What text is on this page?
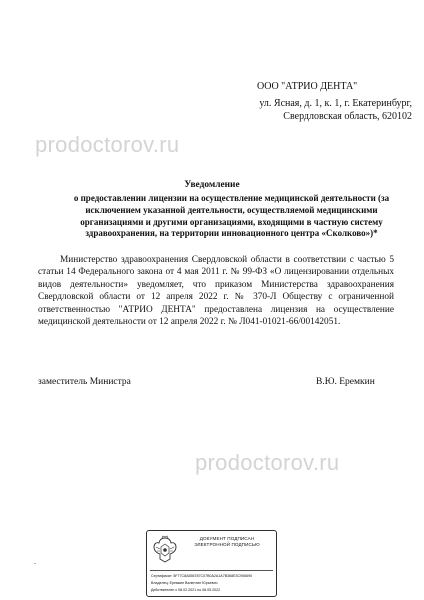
prodoctorov.ru
prodoctorov.ru
ООО "АТРИО ДЕНТА"
ул. Ясная, д. 1, к. 1, г. Екатеринбург,
Свердловская область, 620102
Уведомление
о предоставлении лицензии на осуществление медицинской деятельности (за исключением указанной деятельности, осуществляемой медицинскими организациями и другими организациями, входящими в частную систему здравоохранения, на территории инновационного центра «Сколково»)*
Министерство здравоохранения Свердловской области в соответствии с частью 5 статьи 14 Федерального закона от 4 мая 2011 г. № 99-ФЗ «О лицензировании отдельных видов деятельности» уведомляет, что приказом Министерства здравоохранения Свердловской области от 12 апреля 2022 г. № 370-Л Обществу с ограниченной ответственностью "АТРИО ДЕНТА" предоставлена лицензия на осуществление медицинской деятельности от 12 апреля 2022 г. № Л041-01021-66/00142051.
заместитель Министра	В.Ю. Еремкин
.
ДОКУМЕНТ ПОДПИСАН
ЭЛЕКТРОННОЙ ПОДПИСЬЮ
Сертификат: 5F77C8A556787C07B0A2A1A7B368E3C906690
Владелец: Еремкин Валентин Юрьевич
Действителен с 08.02.2021 по 08.05.2022
